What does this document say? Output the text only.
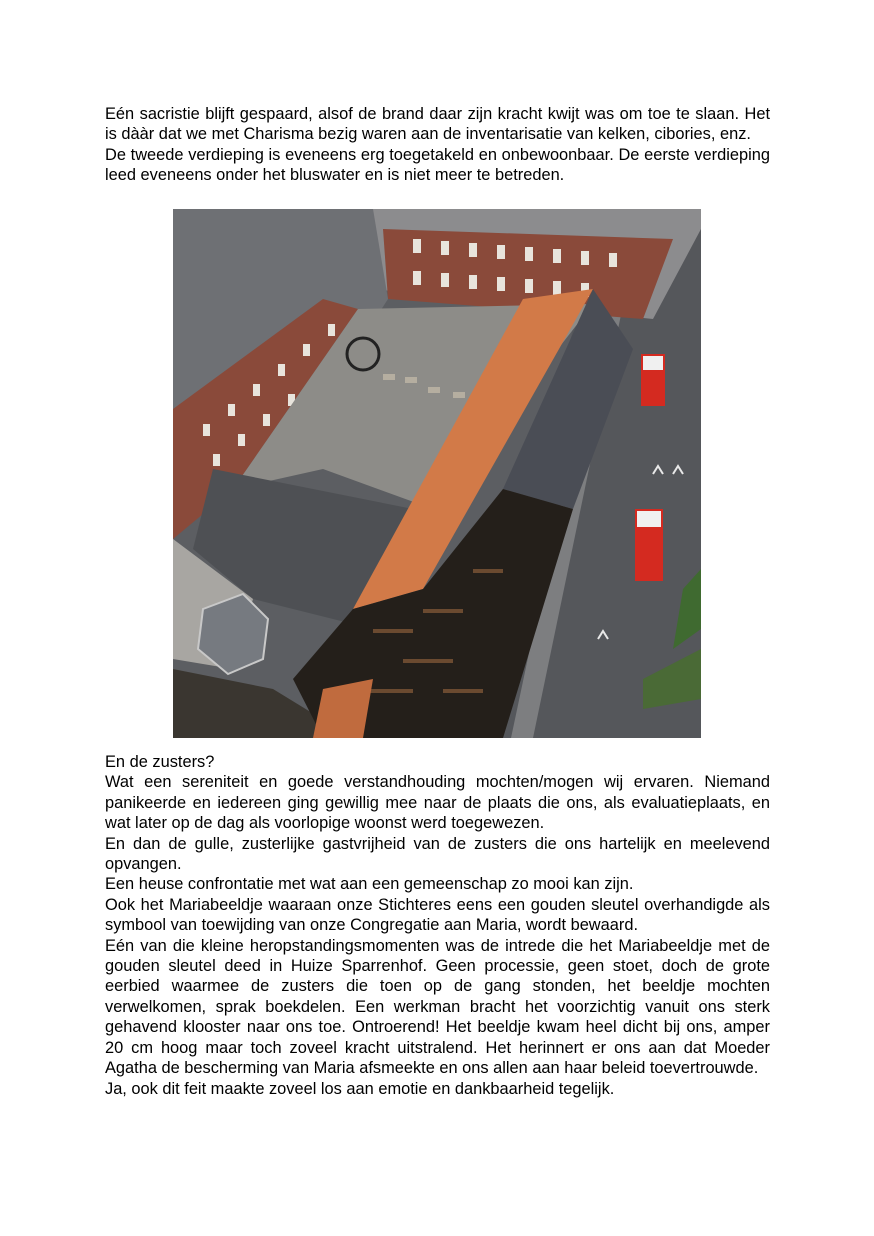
Eén sacristie blijft gespaard, alsof de brand daar zijn kracht kwijt was om toe te slaan. Het is dààr dat we met Charisma bezig waren aan de inventarisatie van kelken, cibories, enz.

De tweede verdieping is eveneens erg toegetakeld en onbewoonbaar. De eerste verdieping leed eveneens onder het bluswater en is niet meer te betreden.

En de zusters?

Wat een sereniteit en goede verstandhouding mochten/mogen wij ervaren. Niemand panikeerde en iedereen ging gewillig mee naar de plaats die ons, als evaluatieplaats, en wat later op de dag als voorlopige woonst werd toegewezen.

En dan de gulle, zusterlijke gastvrijheid van de zusters die ons hartelijk en meelevend opvangen.

Een heuse confrontatie met wat aan een gemeenschap zo mooi kan zijn.

Ook het Mariabeeldje waaraan onze Stichteres eens een gouden sleutel overhandigde als symbool van toewijding van onze Congregatie aan Maria, wordt bewaard.

Eén van die kleine heropstandingsmomenten was de intrede die het Mariabeeldje met de gouden sleutel deed in Huize Sparrenhof. Geen processie, geen stoet, doch de grote eerbied waarmee de zusters die toen op de gang stonden, het beeldje mochten verwelkomen, sprak boekdelen. Een werkman bracht het voorzichtig vanuit ons sterk gehavend klooster naar ons toe. Ontroerend! Het beeldje kwam heel dicht bij ons, amper 20 cm hoog maar toch zoveel kracht uitstralend. Het herinnert er ons aan dat Moeder Agatha de bescherming van Maria afsmeekte en ons allen aan haar beleid toevertrouwde.

Ja, ook dit feit maakte zoveel los aan emotie en dankbaarheid tegelijk.
